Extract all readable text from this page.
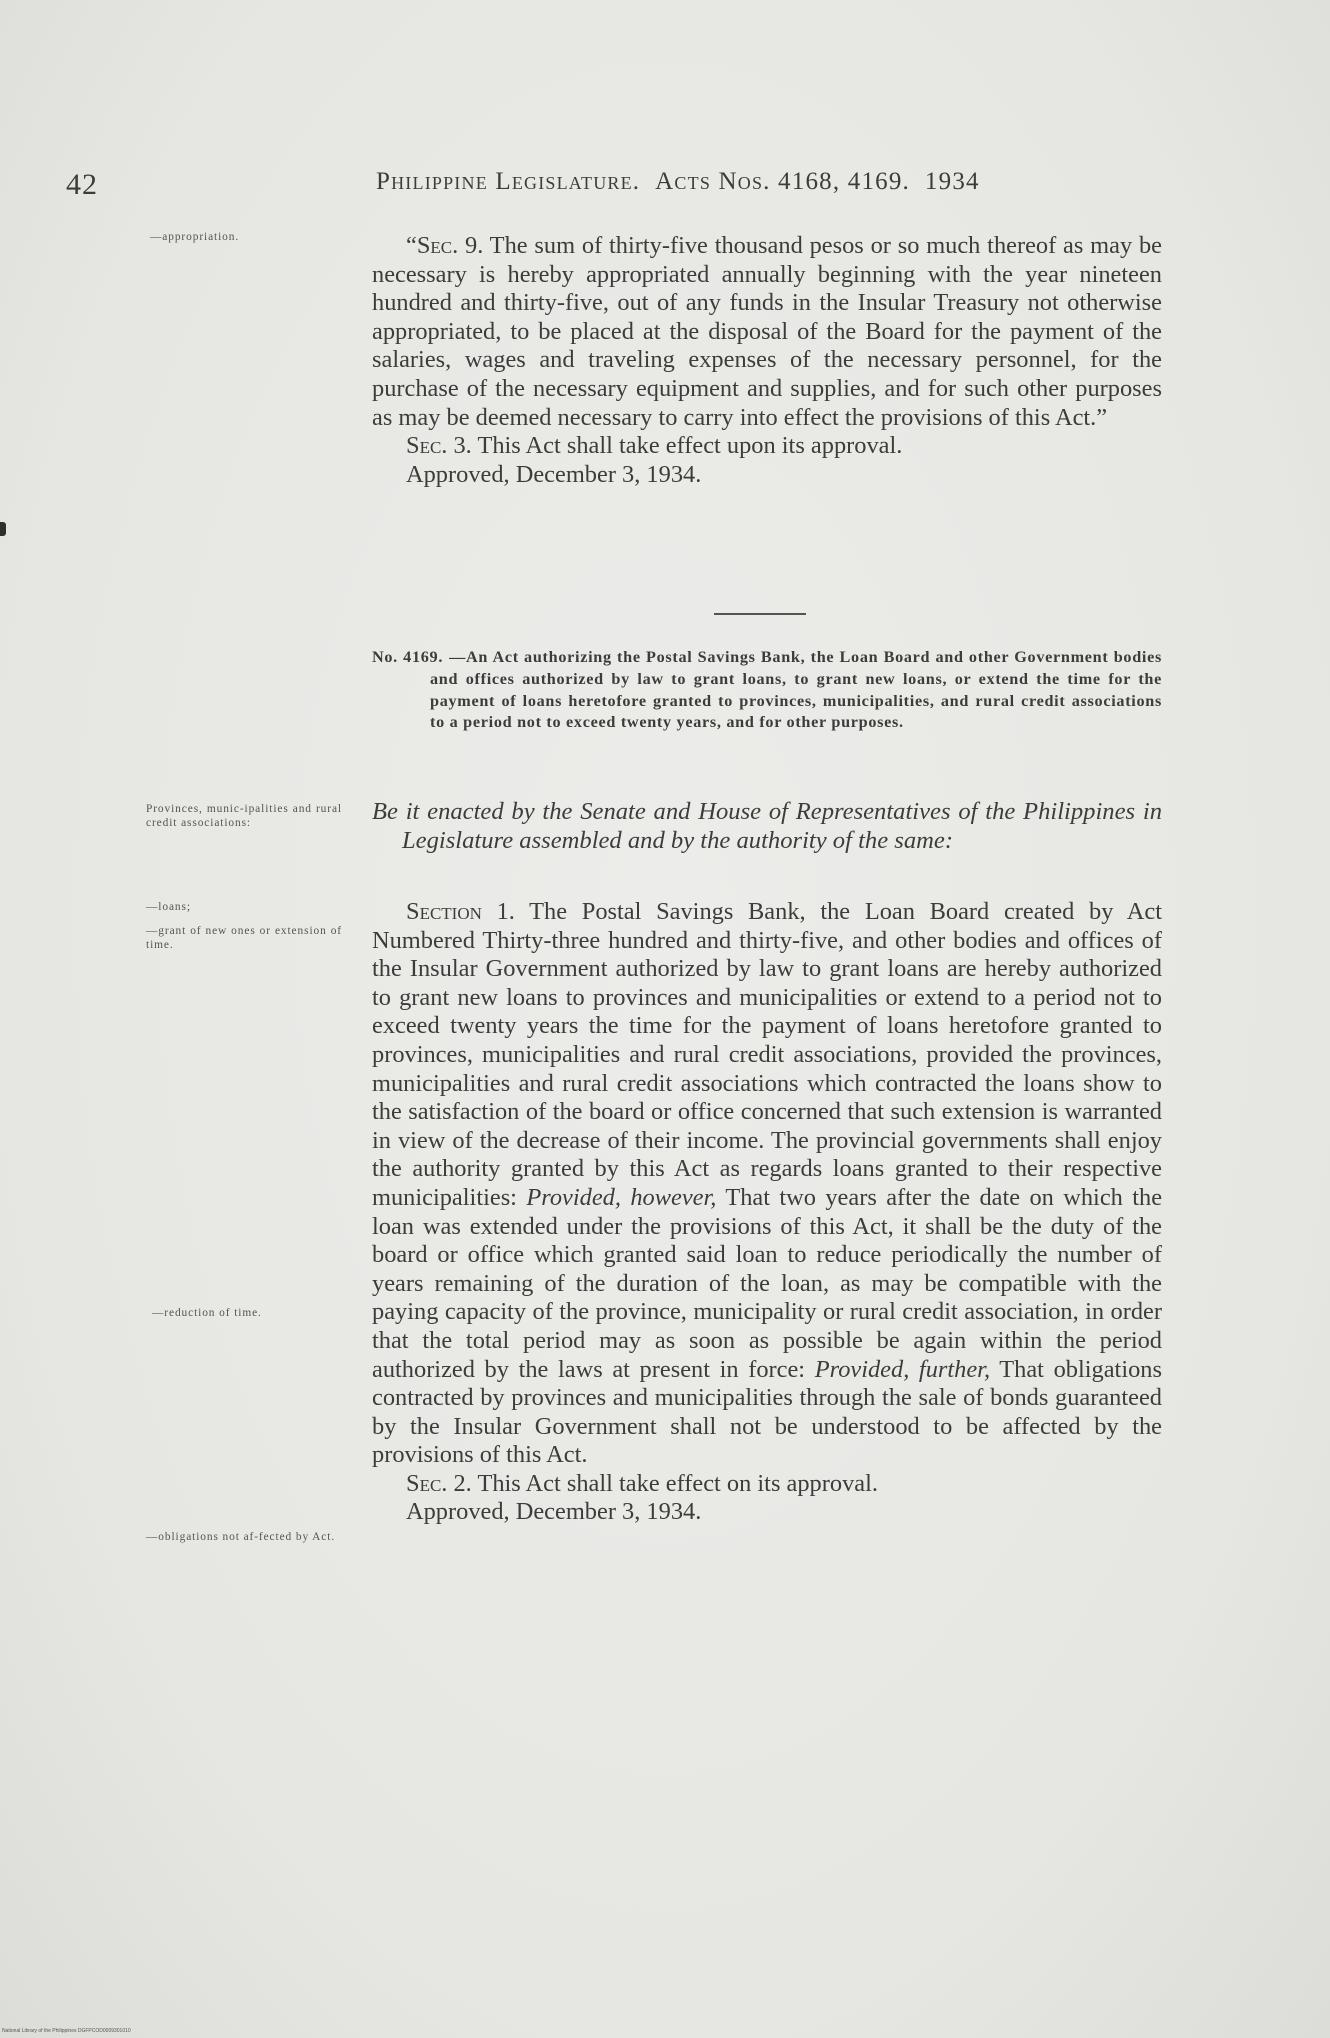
42	Philippine Legislature. Acts Nos. 4168, 4169. 1934
—appropriation.
Provinces, munic-ipalities and rural credit associations:
—loans;
—grant of new ones or extension of time.
—reduction of time.
—obligations not af-fected by Act.

“Sec. 9. The sum of thirty-five thousand pesos or so much thereof as may be necessary is hereby appropriated annually beginning with the year nineteen hundred and thirty-five, out of any funds in the Insular Treasury not otherwise appropriated, to be placed at the disposal of the Board for the payment of the salaries, wages and traveling expenses of the necessary personnel, for the purchase of the necessary equipment and supplies, and for such other purposes as may be deemed necessary to carry into effect the provisions of this Act.”

Sec. 3. This Act shall take effect upon its approval.

Approved, December 3, 1934.

No. 4169. —An Act authorizing the Postal Savings Bank, the Loan Board and other Government bodies and offices authorized by law to grant loans, to grant new loans, or extend the time for the payment of loans heretofore granted to provinces, municipalities, and rural credit associations to a period not to exceed twenty years, and for other purposes.
Be it enacted by the Senate and House of Representatives of the Philippines in Legislature assembled and by the authority of the same:

Section 1. The Postal Savings Bank, the Loan Board created by Act Numbered Thirty-three hundred and thirty-five, and other bodies and offices of the Insular Government authorized by law to grant loans are hereby authorized to grant new loans to provinces and municipalities or extend to a period not to exceed twenty years the time for the payment of loans heretofore granted to provinces, municipalities and rural credit associations, provided the provinces, municipalities and rural credit associations which contracted the loans show to the satisfaction of the board or office concerned that such extension is warranted in view of the decrease of their income. The provincial governments shall enjoy the authority granted by this Act as regards loans granted to their respective municipalities: Provided, however, That two years after the date on which the loan was extended under the provisions of this Act, it shall be the duty of the board or office which granted said loan to reduce periodically the number of years remaining of the duration of the loan, as may be compatible with the paying capacity of the province, municipality or rural credit association, in order that the total period may as soon as possible be again within the period authorized by the laws at present in force: Provided, further, That obligations contracted by provinces and municipalities through the sale of bonds guaranteed by the Insular Government shall not be understood to be affected by the provisions of this Act.

Sec. 2. This Act shall take effect on its approval.

Approved, December 3, 1934.

National Library of the Philippines DGFPCOD0009301010
